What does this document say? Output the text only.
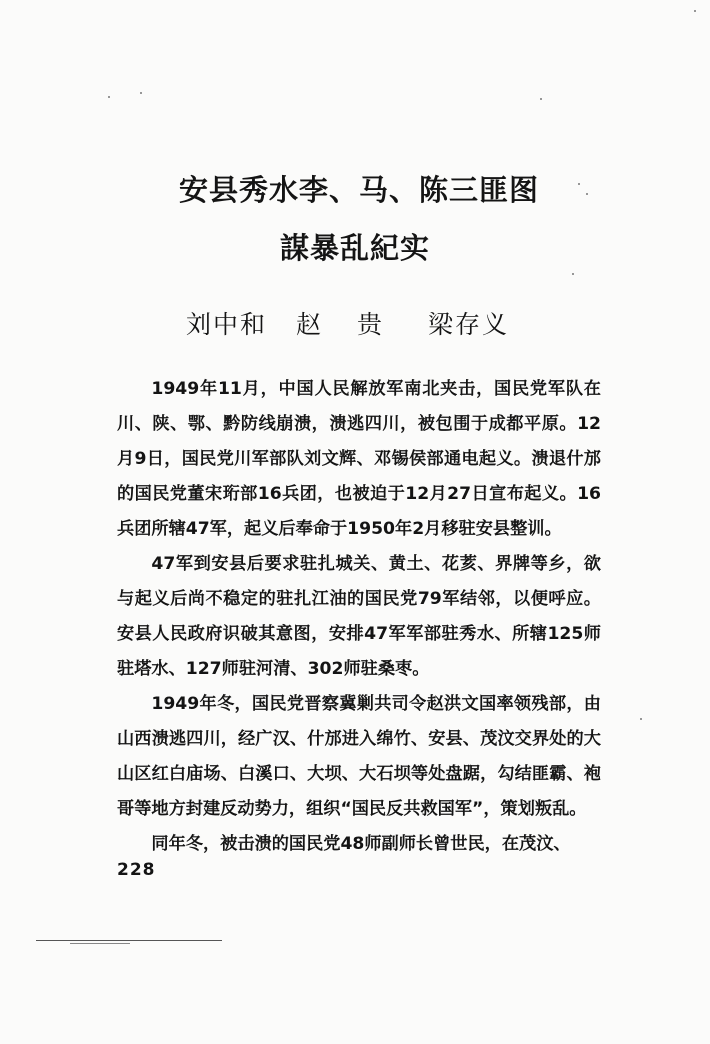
安县秀水李、马、陈三匪图
謀暴乱紀实
刘中和 赵 贵 梁存义

1949年11月，中国人民解放军南北夹击，国民党军队在川、陕、鄂、黔防线崩溃，溃逃四川，被包围于成都平原。12月9日，国民党川军部队刘文辉、邓锡侯部通电起义。溃退什邡的国民党董宋珩部16兵团，也被迫于12月27日宣布起义。16兵团所辖47军，起义后奉命于1950年2月移驻安县整训。

47军到安县后要求驻扎城关、黄土、花荄、界牌等乡，欲与起义后尚不稳定的驻扎江油的国民党79军结邻，以便呼应。安县人民政府识破其意图，安排47军军部驻秀水、所辖125师驻塔水、127师驻河清、302师驻桑枣。

1949年冬，国民党晋察冀剿共司令赵洪文国率领残部，由山西溃逃四川，经广汉、什邡进入绵竹、安县、茂汶交界处的大山区红白庙场、白溪口、大坝、大石坝等处盘踞，勾结匪霸、袍哥等地方封建反动势力，组织“国民反共救国军”，策划叛乱。

同年冬，被击溃的国民党48师副师长曾世民，在茂汶、

228
